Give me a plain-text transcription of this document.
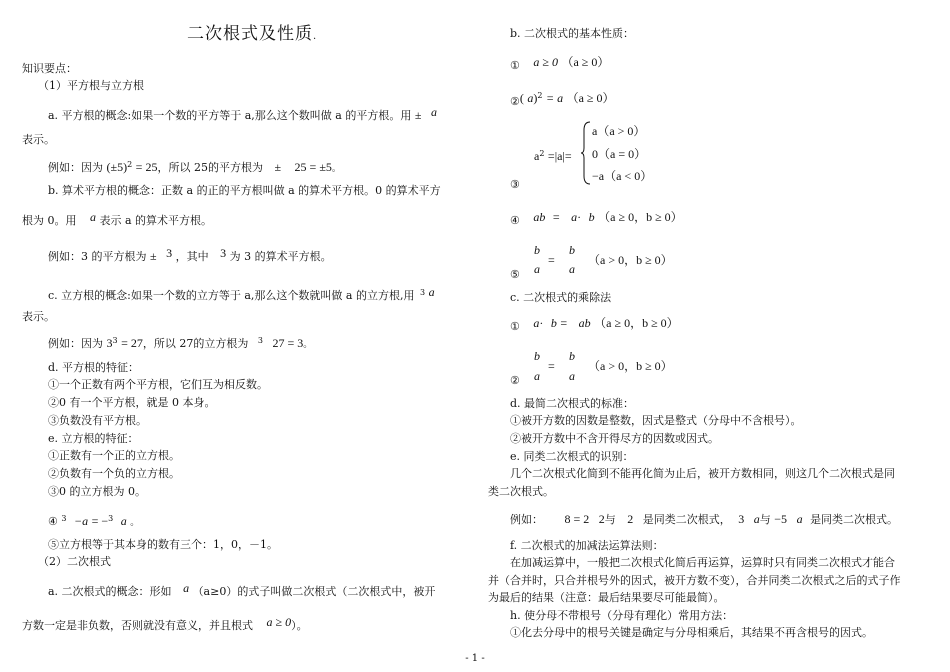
二次根式及性质.
知识要点：
（1）平方根与立方根
a. 平方根的概念:如果一个数的平方等于 a,那么这个数叫做 a 的平方根。用 ± a
表示。
例如：因为 $(\pm 5)^2 = 25$，所以 25的平方根为 ± 25 = ±5。
b. 算术平方根的概念：正数 a 的正的平方根叫做 a 的算术平方根。0 的算术平方
根为 0。用 a 表示 a 的算术平方根。
例如：3 的平方根为 ± 3 ，其中 3 为 3 的算术平方根。
c. 立方根的概念:如果一个数的立方等于 a,那么这个数就叫做 a 的立方根,用 $^3$ a
表示。
例如：因为 $3^3 = 27$，所以 27的立方根为 $^3$ 27 = 3。
d. 平方根的特征：
①一个正数有两个平方根，它们互为相反数。
②0 有一个平方根，就是 0 本身。
③负数没有平方根。
e. 立方根的特征：
①正数有一个正的立方根。
②负数有一个负的立方根。
③0 的立方根为 0。
④ $^3$ −a = −$^3$ a 。
⑤立方根等于其本身的数有三个：1，0，－1。
（2）二次根式
a. 二次根式的概念：形如 a （a≥0）的式子叫做二次根式（二次根式中，被开
方数一定是非负数，否则就没有意义，并且根式 a ≥ 0）。
b. 二次根式的基本性质：
① a ≥ 0 （a ≥ 0）
②( a)$^2$ = a （a ≥ 0）
③
$a^2 =|a|=$
a（a > 0）
0（a = 0）
−a（a < 0）
④ ab = a· b （a ≥ 0，b ≥ 0）
⑤
b
a
=
b
a
（a > 0，b ≥ 0）
c. 二次根式的乘除法
① a· b = ab （a ≥ 0，b ≥ 0）
②
b
a
=
b
a
（a > 0，b ≥ 0）
d. 最简二次根式的标准：
①被开方数的因数是整数，因式是整式（分母中不含根号）。
②被开方数中不含开得尽方的因数或因式。
e. 同类二次根式的识别：
几个二次根式化简到不能再化简为止后，被开方数相同，则这几个二次根式是同
类二次根式。
例如： 8 = 2 2与 2 是同类二次根式， 3 a与 −5 a 是同类二次根式。
f. 二次根式的加减法运算法则：
在加减运算中，一般把二次根式化简后再运算，运算时只有同类二次根式才能合
并（合并时，只合并根号外的因式，被开方数不变），合并同类二次根式之后的式子作
为最后的结果（注意：最后结果要尽可能最简）。
h. 使分母不带根号（分母有理化）常用方法：
①化去分母中的根号关键是确定与分母相乘后，其结果不再含根号的因式。
- 1 -
